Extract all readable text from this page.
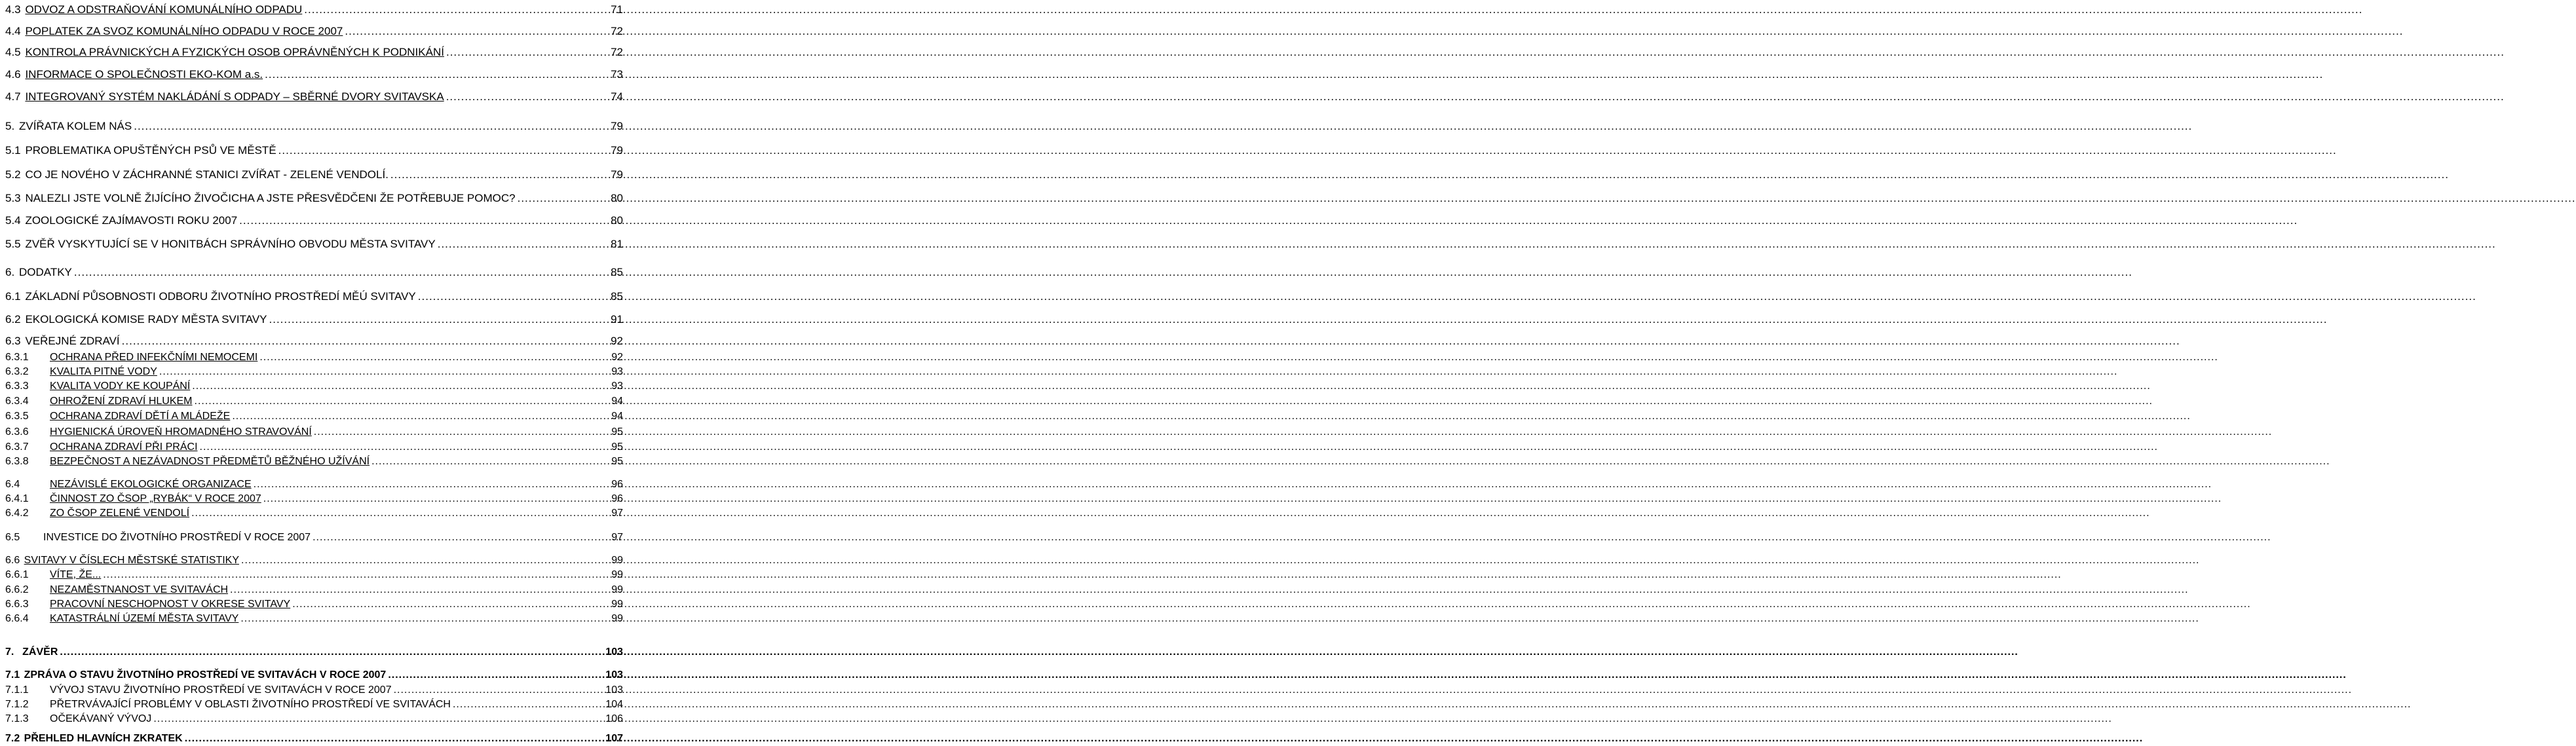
4.3 ODVOZ A ODSTRAŇOVÁNÍ KOMUNÁLNÍHO ODPADU .....	71
4.4 POPLATEK ZA SVOZ KOMUNÁLNÍHO ODPADU V ROCE 2007 .....	72
4.5 KONTROLA PRÁVNICKÝCH A FYZICKÝCH OSOB OPRÁVNĚNÝCH K PODNIKÁNÍ .....	72
4.6 INFORMACE O SPOLEČNOSTI EKO-KOM a.s. .....	73
4.7 INTEGROVANÝ SYSTÉM NAKLÁDÁNÍ S ODPADY – SBĚRNÉ DVORY SVITAVSKA .....	74
5. ZVÍŘATA KOLEM NÁS .....	79
5.1 PROBLEMATIKA OPUŠTĚNÝCH PSŮ VE MĚSTĚ .....	79
5.2 CO JE NOVÉHO V ZÁCHRANNÉ STANICI ZVÍŘAT - ZELENÉ VENDOLÍ. .....	79
5.3 NALEZLI JSTE VOLNĚ ŽIJÍCÍHO ŽIVOČICHA A JSTE PŘESVĚDČENI ŽE POTŘEBUJE POMOC? .....	80
5.4 ZOOLOGICKÉ ZAJÍMAVOSTI ROKU 2007 .....	80
5.5 ZVĚŘ VYSKYTUJÍCÍ SE V HONITBÁCH SPRÁVNÍHO OBVODU MĚSTA SVITAVY .....	81
6. DODATKY .....	85
6.1 ZÁKLADNÍ PŮSOBNOSTI ODBORU ŽIVOTNÍHO PROSTŘEDÍ MĚÚ SVITAVY .....	85
6.2 EKOLOGICKÁ KOMISE RADY MĚSTA SVITAVY .....	91
6.3 VEŘEJNÉ ZDRAVÍ .....	92
6.3.1	OCHRANA PŘED INFEKČNÍMI NEMOCEMI .....	92
6.3.2	KVALITA PITNÉ VODY .....	93
6.3.3	KVALITA VODY KE KOUPÁNÍ .....	93
6.3.4	OHROŽENÍ ZDRAVÍ HLUKEM .....	94
6.3.5	OCHRANA ZDRAVÍ DĚTÍ A MLÁDEŽE .....	94
6.3.6	HYGIENICKÁ ÚROVEŇ HROMADNÉHO STRAVOVÁNÍ .....	95
6.3.7	OCHRANA ZDRAVÍ PŘI PRÁCI .....	95
6.3.8	BEZPEČNOST A NEZÁVADNOST PŘEDMĚTŮ BĚŽNÉHO UŽÍVÁNÍ .....	95
6.4	NEZÁVISLÉ EKOLOGICKÉ ORGANIZACE .....	96
6.4.1	ČINNOST ZO ČSOP „RYBÁK“ V ROCE 2007 .....	96
6.4.2	ZO ČSOP ZELENÉ VENDOLÍ .....	97
6.5	INVESTICE DO ŽIVOTNÍHO PROSTŘEDÍ V ROCE 2007 .....	97
6.6 SVITAVY V ČÍSLECH MĚSTSKÉ STATISTIKY .....	99
6.6.1	VÍTE, ŽE... .....	99
6.6.2	NEZAMĚSTNANOST VE SVITAVÁCH .....	99
6.6.3	PRACOVNÍ NESCHOPNOST V OKRESE SVITAVY .....	99
6.6.4	KATASTRÁLNÍ ÚZEMÍ MĚSTA SVITAVY .....	99
7. ZÁVĚR .....	103
7.1 ZPRÁVA O STAVU ŽIVOTNÍHO PROSTŘEDÍ VE SVITAVÁCH V ROCE 2007 .....	103
7.1.1	VÝVOJ STAVU ŽIVOTNÍHO PROSTŘEDÍ VE SVITAVÁCH V ROCE 2007 .....	103
7.1.2	PŘETRVÁVAJÍCÍ PROBLÉMY V OBLASTI ŽIVOTNÍHO PROSTŘEDÍ VE SVITAVÁCH .....	104
7.1.3	OČEKÁVANÝ VÝVOJ .....	106
7.2 PŘEHLED HLAVNÍCH ZKRATEK .....	107
